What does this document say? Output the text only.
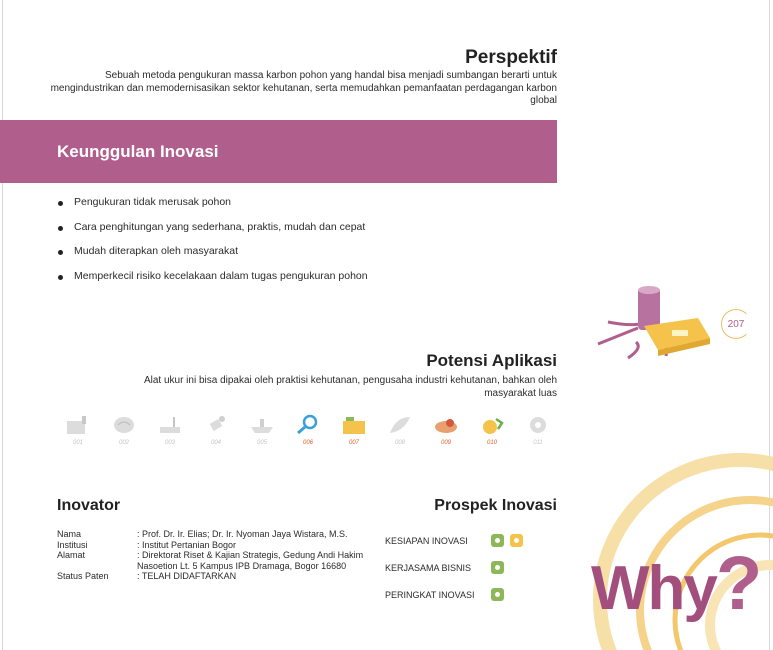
Perspektif
Sebuah metoda pengukuran massa karbon pohon yang handal bisa menjadi sumbangan berarti untuk mengindustrikan dan memodernisasikan sektor kehutanan, serta memudahkan pemanfaatan perdagangan karbon global
Keunggulan Inovasi
Pengukuran tidak merusak pohon
Cara penghitungan yang sederhana, praktis, mudah dan cepat
Mudah diterapkan oleh masyarakat
Memperkecil risiko kecelakaan dalam tugas pengukuran pohon
207
Potensi Aplikasi
Alat ukur ini bisa dipakai oleh praktisi kehutanan, pengusaha industri kehutanan, bahkan oleh masyarakat luas
001	002	003	004	005	006	007	008	009	010	011
Inovator	Prospek Inovasi
Nama	: Prof. Dr. Ir. Elias; Dr. Ir. Nyoman Jaya Wistara, M.S.
Institusi	: Institut Pertanian Bogor
Alamat	: Direktorat Riset & Kajian Strategis, Gedung Andi Hakim Nasoetion Lt. 5 Kampus IPB Dramaga, Bogor 16680
Status Paten	: TELAH DIDAFTARKAN
KESIAPAN INOVASI
KERJASAMA BISNIS
PERINGKAT INOVASI Why?
